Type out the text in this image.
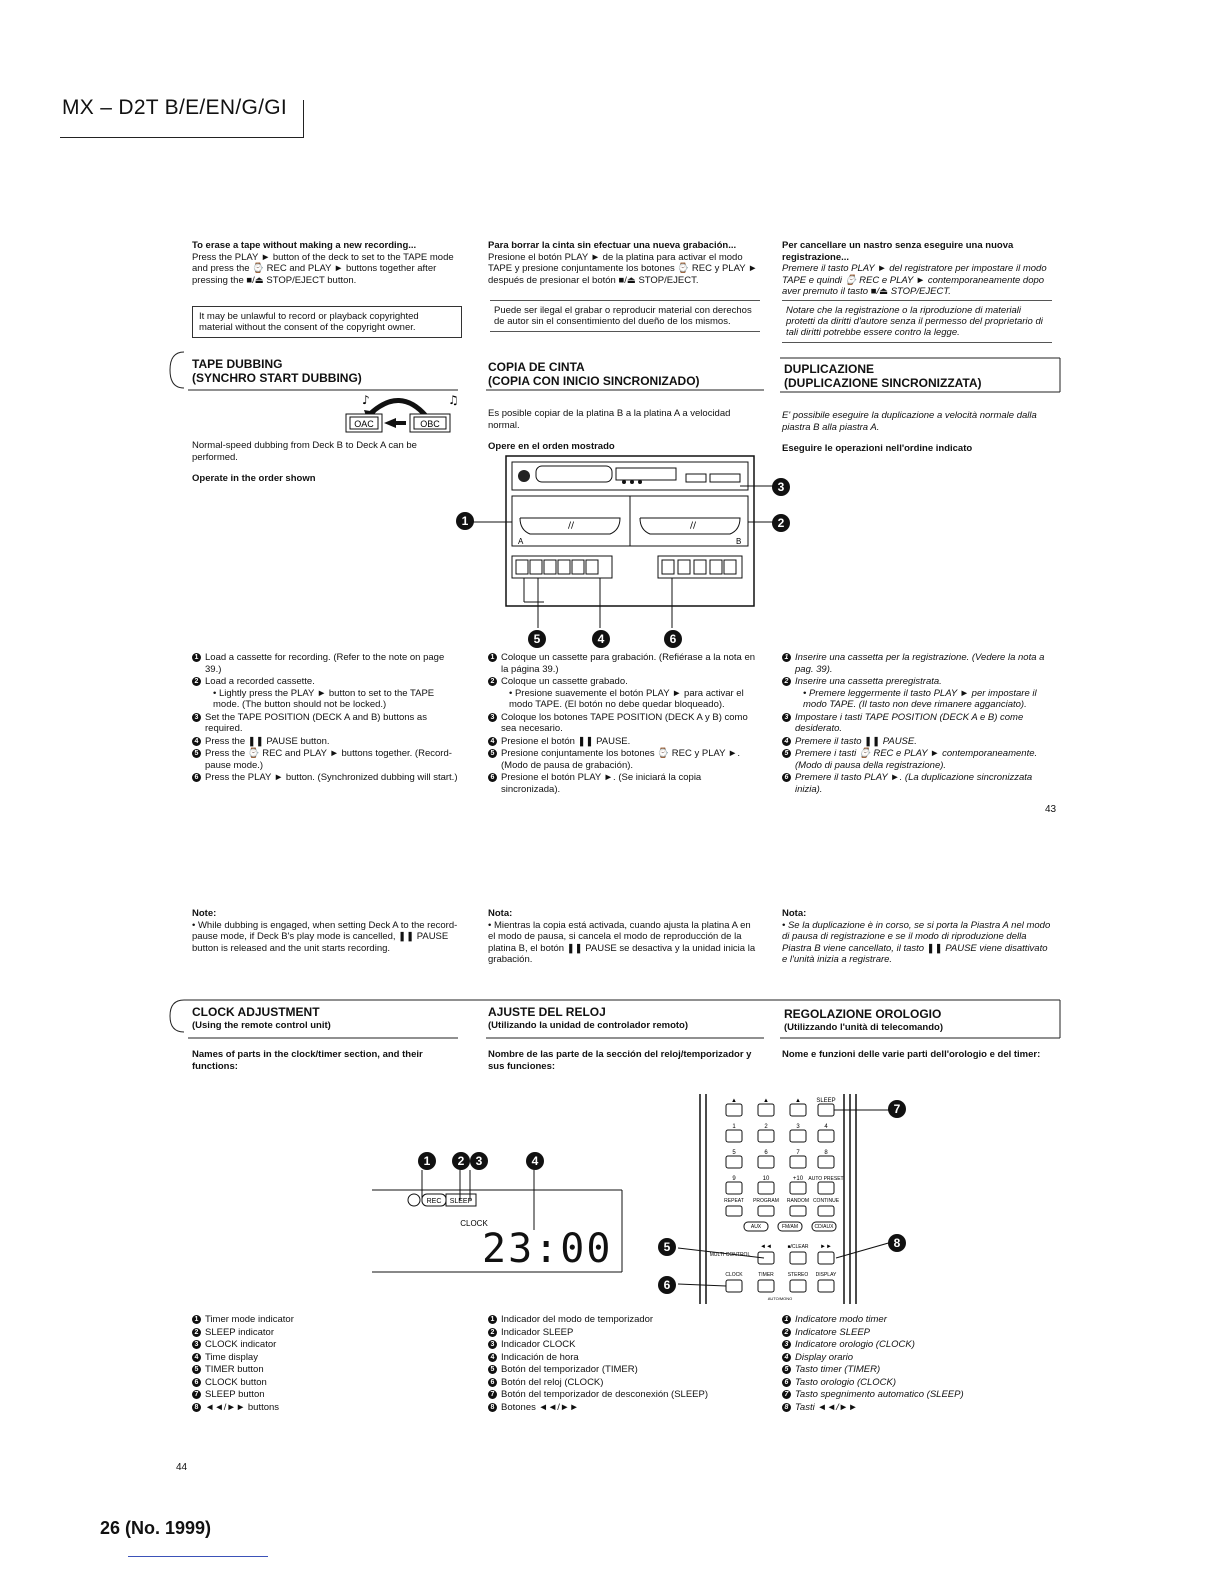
MX – D2T B/E/EN/G/GI

To erase a tape without making a new recording...
Press the PLAY ► button of the deck to set to the TAPE mode and press the ⌚ REC and PLAY ► buttons together after pressing the ■/⏏ STOP/EJECT button.

Para borrar la cinta sin efectuar una nueva grabación...
Presione el botón PLAY ► de la platina para activar el modo TAPE y presione conjuntamente los botones ⌚ REC y PLAY ► después de presionar el botón ■/⏏ STOP/EJECT.

Per cancellare un nastro senza eseguire una nuova registrazione...
Premere il tasto PLAY ► del registratore per impostare il modo TAPE e quindi ⌚ REC e PLAY ► contemporaneamente dopo aver premuto il tasto ■/⏏ STOP/EJECT.

It may be unlawful to record or playback copyrighted material without the consent of the copyright owner.
Puede ser ilegal el grabar o reproducir material con derechos de autor sin el consentimiento del dueño de los mismos.
Notare che la registrazione o la riproduzione di materiali protetti da diritti d'autore senza il permesso del proprietario di tali diritti potrebbe essere contro la legge.
TAPE DUBBING
(SYNCHRO START DUBBING)
COPIA DE CINTA
(COPIA CON INICIO SINCRONIZADO)
DUPLICAZIONE
(DUPLICAZIONE SINCRONIZZATA)
♪	♫
OAC	OBC

Normal-speed dubbing from Deck B to Deck A can be performed.

Operate in the order shown

Es posible copiar de la platina B a la platina A a velocidad normal.

Opere en el orden mostrado

E' possibile eseguire la duplicazione a velocità normale dalla piastra B alla piastra A.

Eseguire le operazioni nell'ordine indicato

//	//
A	B
1
3
2
5	4	6
1 Load a cassette for recording. (Refer to the note on page 39.)
2 Load a recorded cassette.
• Lightly press the PLAY ► button to set to the TAPE mode. (The button should not be locked.)
3 Set the TAPE POSITION (DECK A and B) buttons as required.
4 Press the ❚❚ PAUSE button.
5 Press the ⌚ REC and PLAY ► buttons together. (Record-pause mode.)
6 Press the PLAY ► button. (Synchronized dubbing will start.)
1 Coloque un cassette para grabación. (Refiérase a la nota en la página 39.)
2 Coloque un cassette grabado.
• Presione suavemente el botón PLAY ► para activar el modo TAPE. (El botón no debe quedar bloqueado).
3 Coloque los botones TAPE POSITION (DECK A y B) como sea necesario.
4 Presione el botón ❚❚ PAUSE.
5 Presione conjuntamente los botones ⌚ REC y PLAY ►. (Modo de pausa de grabación).
6 Presione el botón PLAY ►. (Se iniciará la copia sincronizada).
1 Inserire una cassetta per la registrazione. (Vedere la nota a pag. 39).
2 Inserire una cassetta preregistrata.
• Premere leggermente il tasto PLAY ► per impostare il modo TAPE. (Il tasto non deve rimanere agganciato).
3 Impostare i tasti TAPE POSITION (DECK A e B) come desiderato.
4 Premere il tasto ❚❚ PAUSE.
5 Premere i tasti ⌚ REC e PLAY ► contemporaneamente. (Modo di pausa della registrazione).
6 Premere il tasto PLAY ►. (La duplicazione sincronizzata inizia).
43
Note:
• While dubbing is engaged, when setting Deck A to the record-pause mode, if Deck B's play mode is cancelled, ❚❚ PAUSE button is released and the unit starts recording.
Nota:
• Mientras la copia está activada, cuando ajusta la platina A en el modo de pausa, si cancela el modo de reproducción de la platina B, el botón ❚❚ PAUSE se desactiva y la unidad inicia la grabación.
Nota:
• Se la duplicazione è in corso, se si porta la Piastra A nel modo di pausa di registrazione e se il modo di riproduzione della Piastra B viene cancellato, il tasto ❚❚ PAUSE viene disattivato e l'unità inizia a registrare.
CLOCK ADJUSTMENT
(Using the remote control unit)
AJUSTE DEL RELOJ
(Utilizando la unidad de controlador remoto)
REGOLAZIONE OROLOGIO
(Utilizzando l'unità di telecomando)
Names of parts in the clock/timer section, and their functions:
Nombre de las parte de la sección del reloj/temporizador y sus funciones:
Nome e funzioni delle varie parti dell'orologio e del timer:
REC SLEEP
CLOCK
23:00
1	2 3	4
▲	▲	▲	SLEEP
1	2	3	4
5	6	7	8
9	10	+10 AUTO PRESET
REPEAT PROGRAM RANDOM CONTINUE
AUX	FM/AM	CD/AUX
MULTI CONTROL
◄◄	■/CLEAR ►►
CLOCK	TIMER	STEREO DISPLAY
AUTO/MONO
7
8
5
6
1 Timer mode indicator
2 SLEEP indicator
3 CLOCK indicator
4 Time display
5 TIMER button
6 CLOCK button
7 SLEEP button
8 ◄◄/►► buttons
1 Indicador del modo de temporizador
2 Indicador SLEEP
3 Indicador CLOCK
4 Indicación de hora
5 Botón del temporizador (TIMER)
6 Botón del reloj (CLOCK)
7 Botón del temporizador de desconexión (SLEEP)
8 Botones ◄◄/►►
1 Indicatore modo timer
2 Indicatore SLEEP
3 Indicatore orologio (CLOCK)
4 Display orario
5 Tasto timer (TIMER)
6 Tasto orologio (CLOCK)
7 Tasto spegnimento automatico (SLEEP)
8 Tasti ◄◄/►►
44
26 (No. 1999)
